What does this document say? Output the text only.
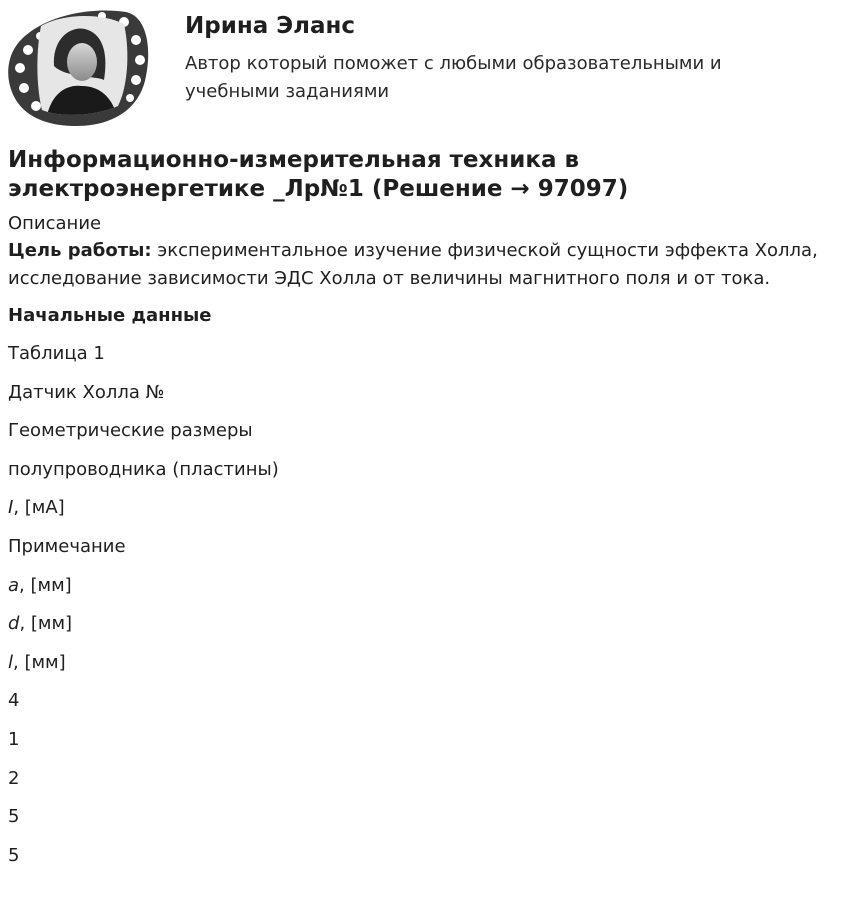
Ирина Эланс
Автор который поможет с любыми образовательными и учебными заданиями
Информационно-измерительная техника в электроэнергетике _Лр№1 (Решение → 97097)

Описание

Цель работы: экспериментальное изучение физической сущности эффекта Холла, исследование зависимости ЭДС Холла от величины магнитного поля и от тока.

Начальные данные

Таблица 1

Датчик Холла №

Геометрические размеры

полупроводника (пластины)

I, [мА]

Примечание

a, [мм]

d, [мм]

l, [мм]

4

1

2

5

5
